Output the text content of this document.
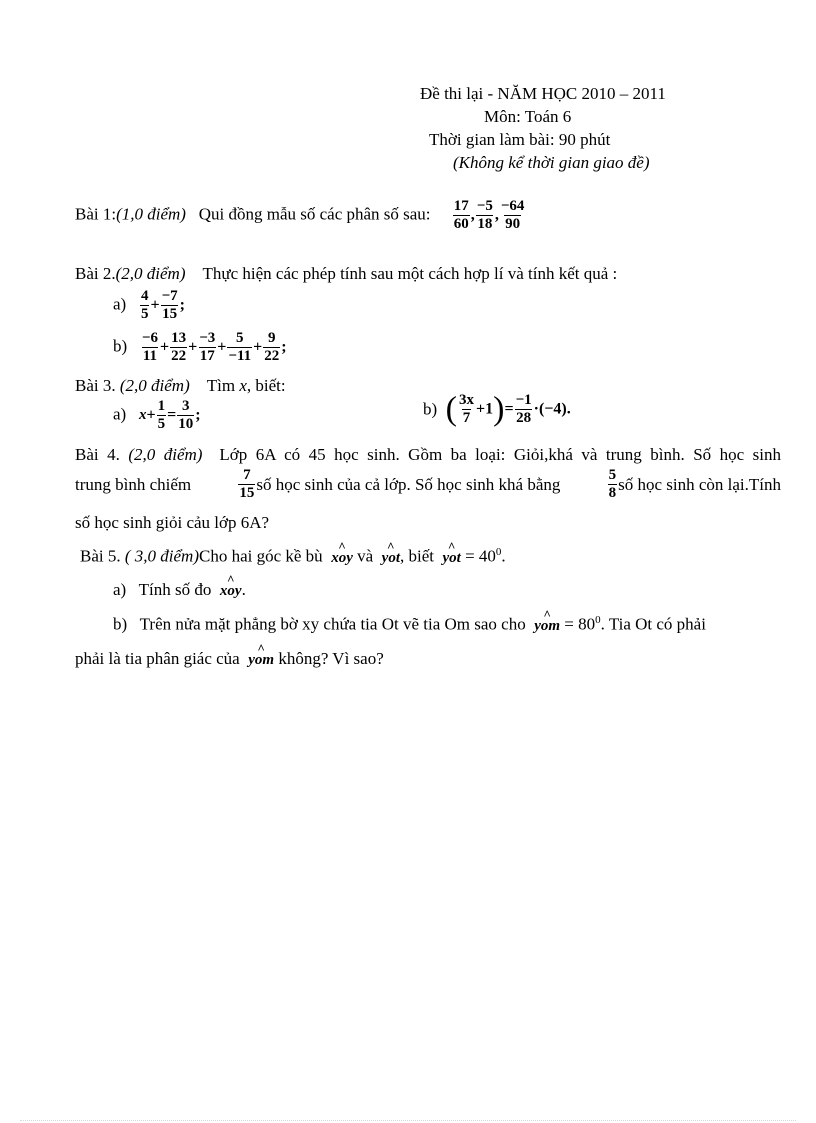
Đề thi lại - NĂM HỌC 2010 – 2011
Môn: Toán 6
Thời gian làm bài: 90 phút
(Không kể thời gian giao đề)
Bài 1:(1,0 điểm) Qui đồng mẫu số các phân số sau: $\frac{17}{60}$ , $\frac{-5}{18}$ , $\frac{-64}{90}$
Bài 2.(2,0 điểm) Thực hiện các phép tính sau một cách hợp lí và tính kết quả :
$a) \frac{4}{5} + \frac{-7}{15}$ ;
$b) \frac{-6}{11} + \frac{13}{22} + \frac{-3}{17} + \frac{5}{-11} + \frac{9}{22}$ ;
Bài 3. (2,0 điểm) Tìm x, biết:
a) $x+ \frac{1}{5} = \frac{3}{10}$ ;	b) ( $\frac{3x}{7} +1)= \frac{-1}{28} \cdot(-4)$.
Bài 4. (2,0 điểm) Lớp 6A có 45 học sinh. Gồm ba loại: Giỏi,khá và trung bình. Số học sinh
trung bình chiếm	$\frac{7}{15}$ số học sinh của cả lớp. Số học sinh khá bằng	$\frac{5}{8}$ số học sinh còn lại.Tính
số học sinh giỏi cảu lớp 6A?
Bài 5. ( 3,0 điểm)Cho hai góc kề bù
^
xoy và
^
yot, biết
^
yot = $40^0$.
a) Tính số đo
^
xoy.
b) Trên nửa mặt phẳng bờ xy chứa tia Ot vẽ tia Om sao cho
^
yom = $80^0$. Tia Ot có phải
phải là tia phân giác của
^
yom không? Vì sao?
